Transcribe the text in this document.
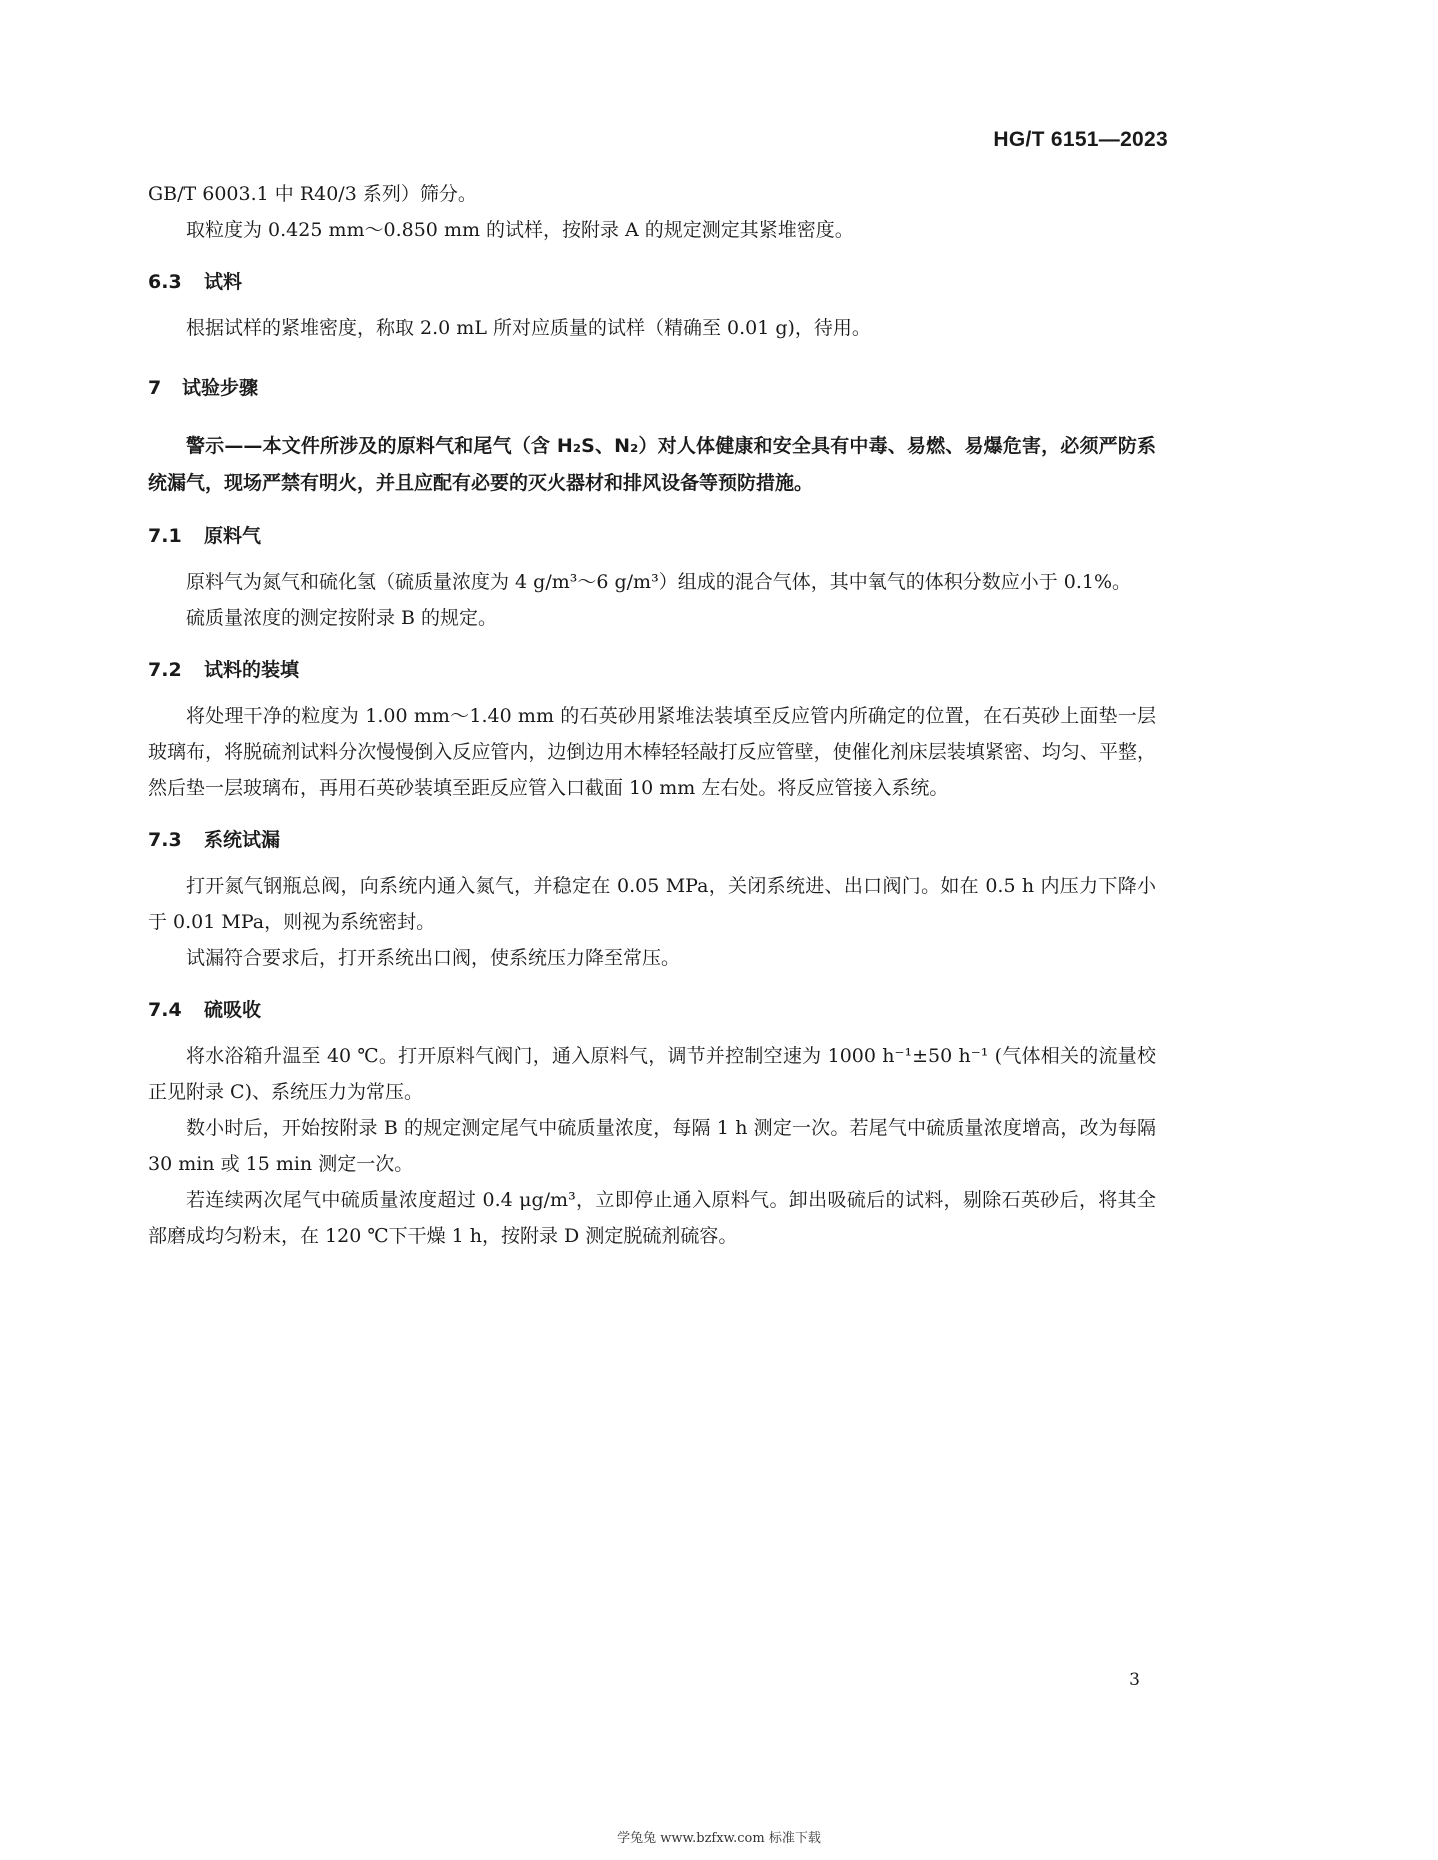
HG/T 6151—2023

GB/T 6003.1 中 R40/3 系列）筛分。

取粒度为 0.425 mm～0.850 mm 的试样，按附录 A 的规定测定其紧堆密度。

6.3 试料

根据试样的紧堆密度，称取 2.0 mL 所对应质量的试样（精确至 0.01 g)，待用。

7 试验步骤

警示——本文件所涉及的原料气和尾气（含 H₂S、N₂）对人体健康和安全具有中毒、易燃、易爆危害，必须严防系统漏气，现场严禁有明火，并且应配有必要的灭火器材和排风设备等预防措施。

7.1 原料气

原料气为氮气和硫化氢（硫质量浓度为 4 g/m³～6 g/m³）组成的混合气体，其中氧气的体积分数应小于 0.1%。

硫质量浓度的测定按附录 B 的规定。

7.2 试料的装填

将处理干净的粒度为 1.00 mm～1.40 mm 的石英砂用紧堆法装填至反应管内所确定的位置，在石英砂上面垫一层玻璃布，将脱硫剂试料分次慢慢倒入反应管内，边倒边用木棒轻轻敲打反应管壁，使催化剂床层装填紧密、均匀、平整，然后垫一层玻璃布，再用石英砂装填至距反应管入口截面 10 mm 左右处。将反应管接入系统。

7.3 系统试漏

打开氮气钢瓶总阀，向系统内通入氮气，并稳定在 0.05 MPa，关闭系统进、出口阀门。如在 0.5 h 内压力下降小于 0.01 MPa，则视为系统密封。

试漏符合要求后，打开系统出口阀，使系统压力降至常压。

7.4 硫吸收

将水浴箱升温至 40 ℃。打开原料气阀门，通入原料气，调节并控制空速为 1000 h⁻¹±50 h⁻¹ (气体相关的流量校正见附录 C)、系统压力为常压。

数小时后，开始按附录 B 的规定测定尾气中硫质量浓度，每隔 1 h 测定一次。若尾气中硫质量浓度增高，改为每隔 30 min 或 15 min 测定一次。

若连续两次尾气中硫质量浓度超过 0.4 μg/m³，立即停止通入原料气。卸出吸硫后的试料，剔除石英砂后，将其全部磨成均匀粉末，在 120 ℃下干燥 1 h，按附录 D 测定脱硫剂硫容。

3
学兔兔 www.bzfxw.com 标准下载
